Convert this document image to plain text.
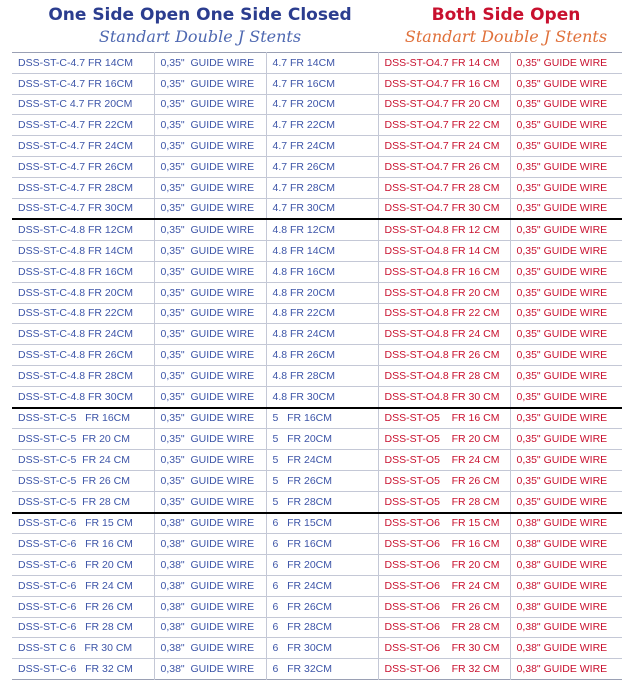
One Side Open One Side Closed
Standart Double J Stents
Both Side Open
Standart Double J Stents
DSS-ST-C-4.7 FR 14CM	0,35"  GUIDE WIRE	4.7 FR 14CM	DSS-ST-O4.7 FR 14 CM	0,35" GUIDE WIRE
DSS-ST-C-4.7 FR 16CM	0,35"  GUIDE WIRE	4.7 FR 16CM	DSS-ST-O4.7 FR 16 CM	0,35" GUIDE WIRE
DSS-ST-C 4.7 FR 20CM	0,35"  GUIDE WIRE	4.7 FR 20CM	DSS-ST-O4.7 FR 20 CM	0,35" GUIDE WIRE
DSS-ST-C-4.7 FR 22CM	0,35"  GUIDE WIRE	4.7 FR 22CM	DSS-ST-O4.7 FR 22 CM	0,35" GUIDE WIRE
DSS-ST-C-4.7 FR 24CM	0,35"  GUIDE WIRE	4.7 FR 24CM	DSS-ST-O4.7 FR 24 CM	0,35" GUIDE WIRE
DSS-ST-C-4.7 FR 26CM	0,35"  GUIDE WIRE	4.7 FR 26CM	DSS-ST-O4.7 FR 26 CM	0,35" GUIDE WIRE
DSS-ST-C-4.7 FR 28CM	0,35"  GUIDE WIRE	4.7 FR 28CM	DSS-ST-O4.7 FR 28 CM	0,35" GUIDE WIRE
DSS-ST-C-4.7 FR 30CM	0,35"  GUIDE WIRE	4.7 FR 30CM	DSS-ST-O4.7 FR 30 CM	0,35" GUIDE WIRE
DSS-ST-C-4.8 FR 12CM	0,35"  GUIDE WIRE	4.8 FR 12CM	DSS-ST-O4.8 FR 12 CM	0,35" GUIDE WIRE
DSS-ST-C-4.8 FR 14CM	0,35"  GUIDE WIRE	4.8 FR 14CM	DSS-ST-O4.8 FR 14 CM	0,35" GUIDE WIRE
DSS-ST-C-4.8 FR 16CM	0,35"  GUIDE WIRE	4.8 FR 16CM	DSS-ST-O4.8 FR 16 CM	0,35" GUIDE WIRE
DSS-ST-C-4.8 FR 20CM	0,35"  GUIDE WIRE	4.8 FR 20CM	DSS-ST-O4.8 FR 20 CM	0,35" GUIDE WIRE
DSS-ST-C-4.8 FR 22CM	0,35"  GUIDE WIRE	4.8 FR 22CM	DSS-ST-O4.8 FR 22 CM	0,35" GUIDE WIRE
DSS-ST-C-4.8 FR 24CM	0,35"  GUIDE WIRE	4.8 FR 24CM	DSS-ST-O4.8 FR 24 CM	0,35" GUIDE WIRE
DSS-ST-C-4.8 FR 26CM	0,35"  GUIDE WIRE	4.8 FR 26CM	DSS-ST-O4.8 FR 26 CM	0,35" GUIDE WIRE
DSS-ST-C-4.8 FR 28CM	0,35"  GUIDE WIRE	4.8 FR 28CM	DSS-ST-O4.8 FR 28 CM	0,35" GUIDE WIRE
DSS-ST-C-4.8 FR 30CM	0,35"  GUIDE WIRE	4.8 FR 30CM	DSS-ST-O4.8 FR 30 CM	0,35" GUIDE WIRE
DSS-ST-C-5   FR 16CM	0,35"  GUIDE WIRE	5   FR 16CM	DSS-ST-O5    FR 16 CM	0,35" GUIDE WIRE
DSS-ST-C-5  FR 20 CM	0,35"  GUIDE WIRE	5   FR 20CM	DSS-ST-O5    FR 20 CM	0,35" GUIDE WIRE
DSS-ST-C-5  FR 24 CM	0,35"  GUIDE WIRE	5   FR 24CM	DSS-ST-O5    FR 24 CM	0,35" GUIDE WIRE
DSS-ST-C-5  FR 26 CM	0,35"  GUIDE WIRE	5   FR 26CM	DSS-ST-O5    FR 26 CM	0,35" GUIDE WIRE
DSS-ST-C-5  FR 28 CM	0,35"  GUIDE WIRE	5   FR 28CM	DSS-ST-O5    FR 28 CM	0,35" GUIDE WIRE
DSS-ST-C-6   FR 15 CM	0,38"  GUIDE WIRE	6   FR 15CM	DSS-ST-O6    FR 15 CM	0,38" GUIDE WIRE
DSS-ST-C-6   FR 16 CM	0,38"  GUIDE WIRE	6   FR 16CM	DSS-ST-O6    FR 16 CM	0,38" GUIDE WIRE
DSS-ST-C-6   FR 20 CM	0,38"  GUIDE WIRE	6   FR 20CM	DSS-ST-O6    FR 20 CM	0,38" GUIDE WIRE
DSS-ST-C-6   FR 24 CM	0,38"  GUIDE WIRE	6   FR 24CM	DSS-ST-O6    FR 24 CM	0,38" GUIDE WIRE
DSS-ST-C-6   FR 26 CM	0,38"  GUIDE WIRE	6   FR 26CM	DSS-ST-O6    FR 26 CM	0,38" GUIDE WIRE
DSS-ST-C-6   FR 28 CM	0,38"  GUIDE WIRE	6   FR 28CM	DSS-ST-O6    FR 28 CM	0,38" GUIDE WIRE
DSS-ST C 6   FR 30 CM	0,38"  GUIDE WIRE	6   FR 30CM	DSS-ST-O6    FR 30 CM	0,38" GUIDE WIRE
DSS-ST-C-6   FR 32 CM	0,38"  GUIDE WIRE	6   FR 32CM	DSS-ST-O6    FR 32 CM	0,38" GUIDE WIRE
